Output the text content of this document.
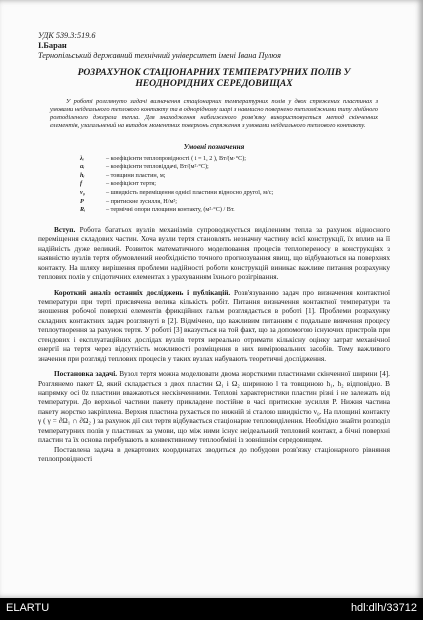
УДК 539.3:519.6
І.Баран
Тернопільський державний технічний університет імені Івана Пулюя
РОЗРАХУНОК СТАЦІОНАРНИХ ТЕМПЕРАТУРНИХ ПОЛІВ У НЕОДНОРІДНИХ СЕРЕДОВИЩАХ
У роботі розглянуто задачі визначення стаціонарних температурних полів у двох спряжених пластинах з умовами неідеального теплового контакту та в однорідному шарі з навмисно повернено тепломіжними типу лінійного розподіленого джерела тепла. Для знаходження наближеного розв'язку використовується метод скінченних елементів, узагальнений на випадок моментних поверхонь спряження з умовами неідеального теплового контакту.
Умовні позначення
λᵢ	– коефіцієнти теплопровідності ( i = 1, 2 ), Вт/(м·°С);
αᵢ	– коефіцієнти тепловіддачі, Вт/(м²·°С);
hᵢ	– товщини пластин, м;
f	– коефіцієнт тертя;
v₀	– швидкість переміщення однієї пластини відносно другої, м/с;
P	– притискне зусилля, Н/м²;
Rᵢ	– термічні опори площини контакту, (м²·°С) / Вт.

Вступ. Робота багатьох вузлів механізмів супроводжується виділенням тепла за рахунок відносного переміщення складових частин. Хоча вузли тертя становлять незначну частину всієї конструкції, їх вплив на її надійність дуже великий. Розвиток математичного моделювання процесів теплопереносу в конструкціях з наявністю вузлів тертя обумовлений необхідністю точного прогнозування явищ, що відбуваються на поверхнях контакту. На шляху вирішення проблеми надійності роботи конструкцій виникає важливе питання розрахунку теплових полів у спідотичних елементах з урахуванням їхнього розігрівання.

Короткий аналіз останніх досліджень і публікацій. Розв'язуванню задач про визначення контактної температури при терті присвячена велика кількість робіт. Питання визначення контактної температури та зношення робочої поверхні елементів фрикційних гальм розглядається в роботі [1]. Проблеми розрахунку складних контактних задач розглянуті в [2]. Відмічено, що важливим питанням є подальше вивчення процесу теплоутворення за рахунок тертя. У роботі [3] вказується на той факт, що за допомогою існуючих пристроїв при стендових і експлуатаційних дослідах вузлів тертя нереально отримати кількісну оцінку затрат механічної енергії на тертя через відсутність можливості розміщення в них вимірювальних засобів. Тому важливого значення при розгляді теплових процесів у таких вузлах набувають теоретичні дослідження.

Постановка задачі. Вузол тертя можна моделювати двома жорсткими пластинами скінченної ширини [4]. Розглянемо пакет Ω, який складається з двох пластин Ω₁ і Ω₂ шириною l та товщиною h₁, h₂ відповідно. В напрямку осі 0z пластини вважаються нескінченними. Теплові характеристики пластин різні і не залежать від температури. До верхньої частини пакету прикладене постійне в часі притискне зусилля P. Нижня частина пакету жорстко закріплена. Верхня пластина рухається по нижній зі сталою швидкістю v₀. На площині контакту γ ( γ = ∂Ω₁ ∩ ∂Ω₂ ) за рахунок дії сил тертя відбувається стаціонарне тепловиділення. Необхідно знайти розподіл температурних полів у пластинах за умови, що між ними існує неідеальний тепловий контакт, а бічні поверхні пластин та їх основа перебувають в конвективному теплообміні із зовнішнім середовищем.

Поставлена задача в декартових координатах зводиться до побудови розв'язку стаціонарного рівняння теплопровідності

ELARTU	hdl:dlh/33712
